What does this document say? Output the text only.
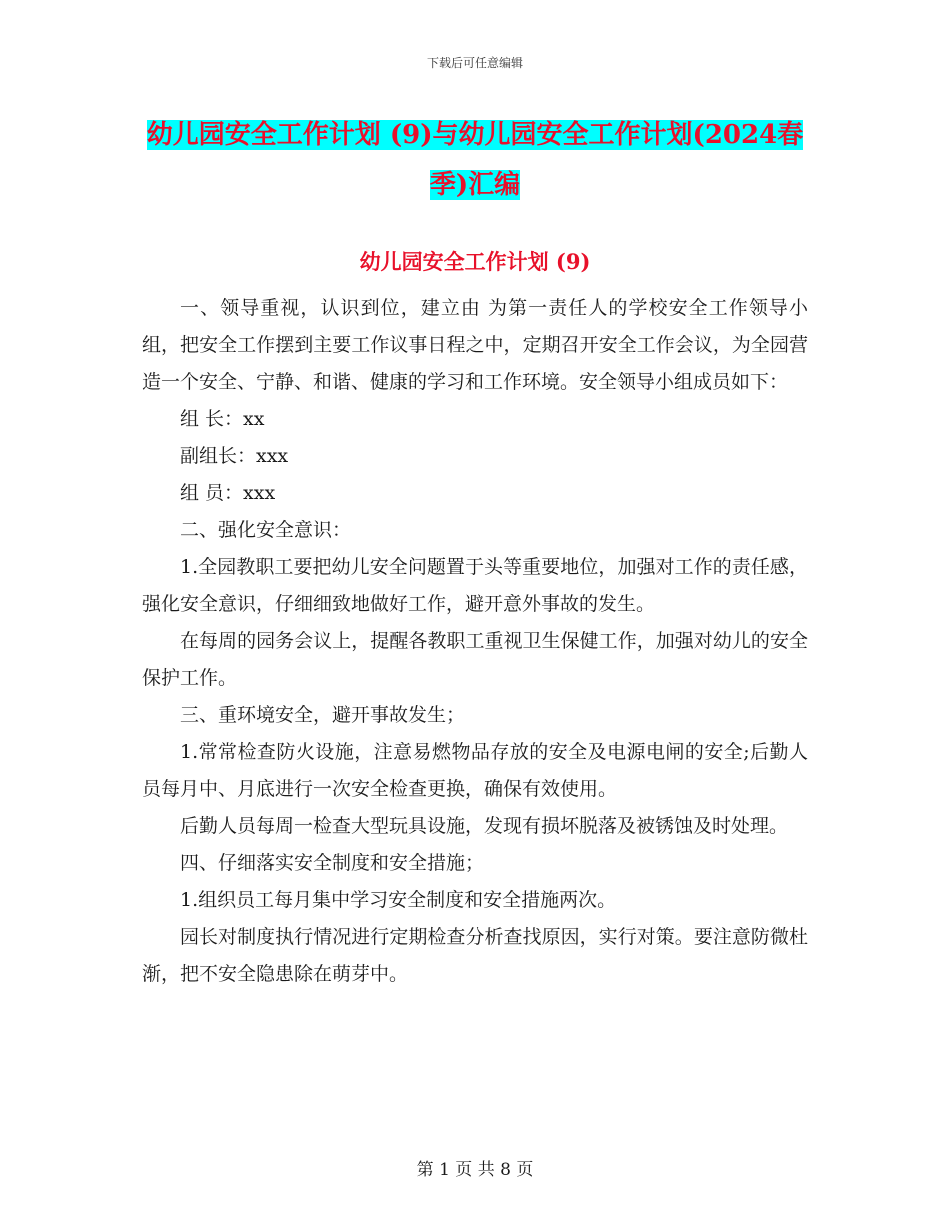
下载后可任意编辑
幼儿园安全工作计划 (9)与幼儿园安全工作计划(2024春季)汇编
幼儿园安全工作计划 (9)

一、领导重视，认识到位，建立由 为第一责任人的学校安全工作领导小组，把安全工作摆到主要工作议事日程之中，定期召开安全工作会议，为全园营造一个安全、宁静、和谐、健康的学习和工作环境。安全领导小组成员如下：

组 长：xx

副组长：xxx

组 员：xxx

二、强化安全意识：

1.全园教职工要把幼儿安全问题置于头等重要地位，加强对工作的责任感，强化安全意识，仔细细致地做好工作，避开意外事故的发生。

在每周的园务会议上，提醒各教职工重视卫生保健工作，加强对幼儿的安全保护工作。

三、重环境安全，避开事故发生；

1.常常检查防火设施，注意易燃物品存放的安全及电源电闸的安全;后勤人员每月中、月底进行一次安全检查更换，确保有效使用。

后勤人员每周一检查大型玩具设施，发现有损坏脱落及被锈蚀及时处理。

四、仔细落实安全制度和安全措施；

1.组织员工每月集中学习安全制度和安全措施两次。

园长对制度执行情况进行定期检查分析查找原因，实行对策。要注意防微杜渐，把不安全隐患除在萌芽中。

第 1 页 共 8 页
